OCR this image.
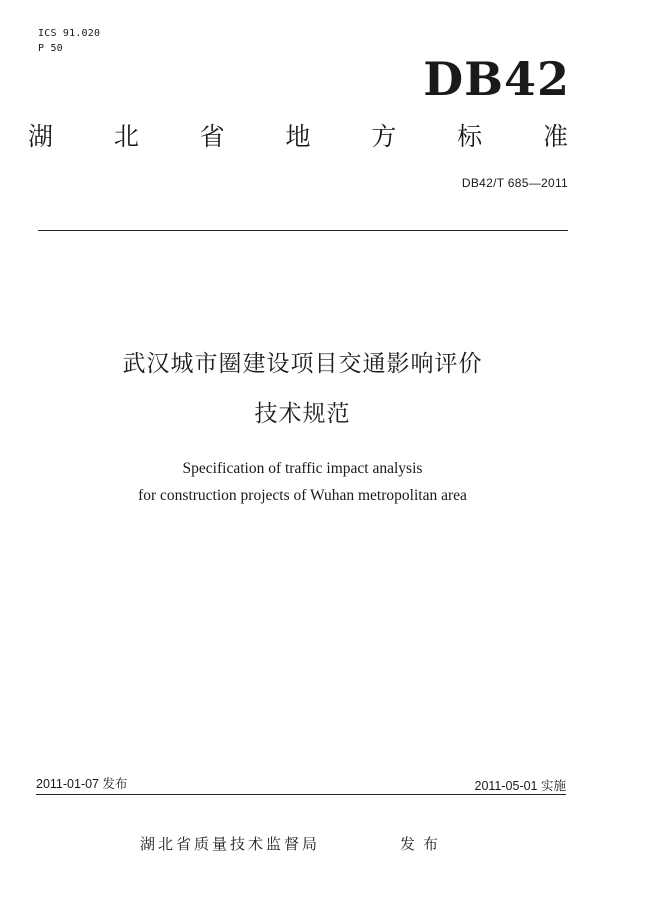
ICS 91.020
P 50
DB42
湖 北 省 地 方 标 准
DB42/T 685—2011
武汉城市圈建设项目交通影响评价
技术规范
Specification of traffic impact analysis
for construction projects of Wuhan metropolitan area
2011-01-07 发布	2011-05-01 实施
湖北省质量技术监督局	发布
